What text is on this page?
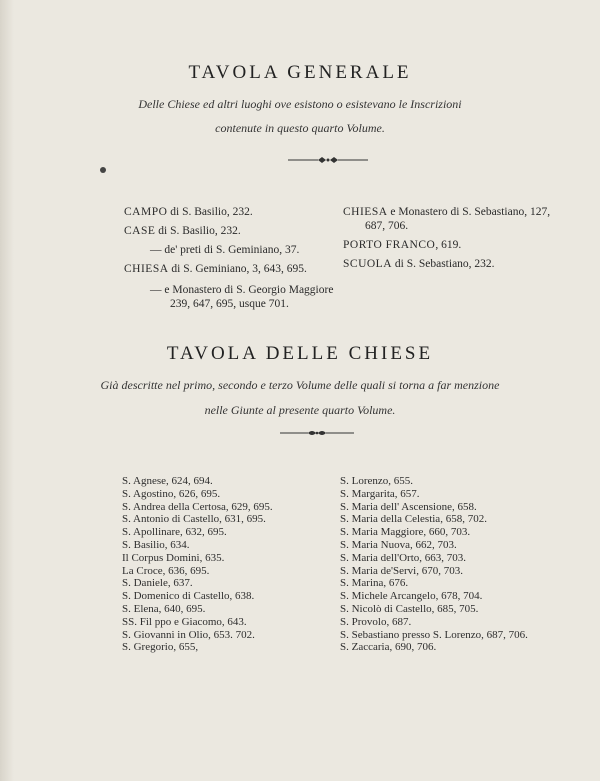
TAVOLA GENERALE
Delle Chiese ed altri luoghi ove esistono o esistevano le Inscrizioni
contenute in questo quarto Volume.
CAMPO di S. Basilio, 232.
CASE di S. Basilio, 232.
— de' preti di S. Geminiano, 37.
CHIESA di S. Geminiano, 3, 643, 695.
— e Monastero di S. Georgio Maggiore
239, 647, 695, usque 701.
CHIESA e Monastero di S. Sebastiano, 127,
687, 706.
PORTO FRANCO, 619.
SCUOLA di S. Sebastiano, 232.
TAVOLA DELLE CHIESE
Già descritte nel primo, secondo e terzo Volume delle quali si torna a far menzione
nelle Giunte al presente quarto Volume.
S. Agnese, 624, 694.
S. Agostino, 626, 695.
S. Andrea della Certosa, 629, 695.
S. Antonio di Castello, 631, 695.
S. Apollinare, 632, 695.
S. Basilio, 634.
Il Corpus Domini, 635.
La Croce, 636, 695.
S. Daniele, 637.
S. Domenico di Castello, 638.
S. Elena, 640, 695.
SS. Fil ppo e Giacomo, 643.
S. Giovanni in Olio, 653. 702.
S. Gregorio, 655,
S. Lorenzo, 655.
S. Margarita, 657.
S. Maria dell' Ascensione, 658.
S. Maria della Celestia, 658, 702.
S. Maria Maggiore, 660, 703.
S. Maria Nuova, 662, 703.
S. Maria dell'Orto, 663, 703.
S. Maria de'Servi, 670, 703.
S. Marina, 676.
S. Michele Arcangelo, 678, 704.
S. Nicolò di Castello, 685, 705.
S. Provolo, 687.
S. Sebastiano presso S. Lorenzo, 687, 706.
S. Zaccaria, 690, 706.
